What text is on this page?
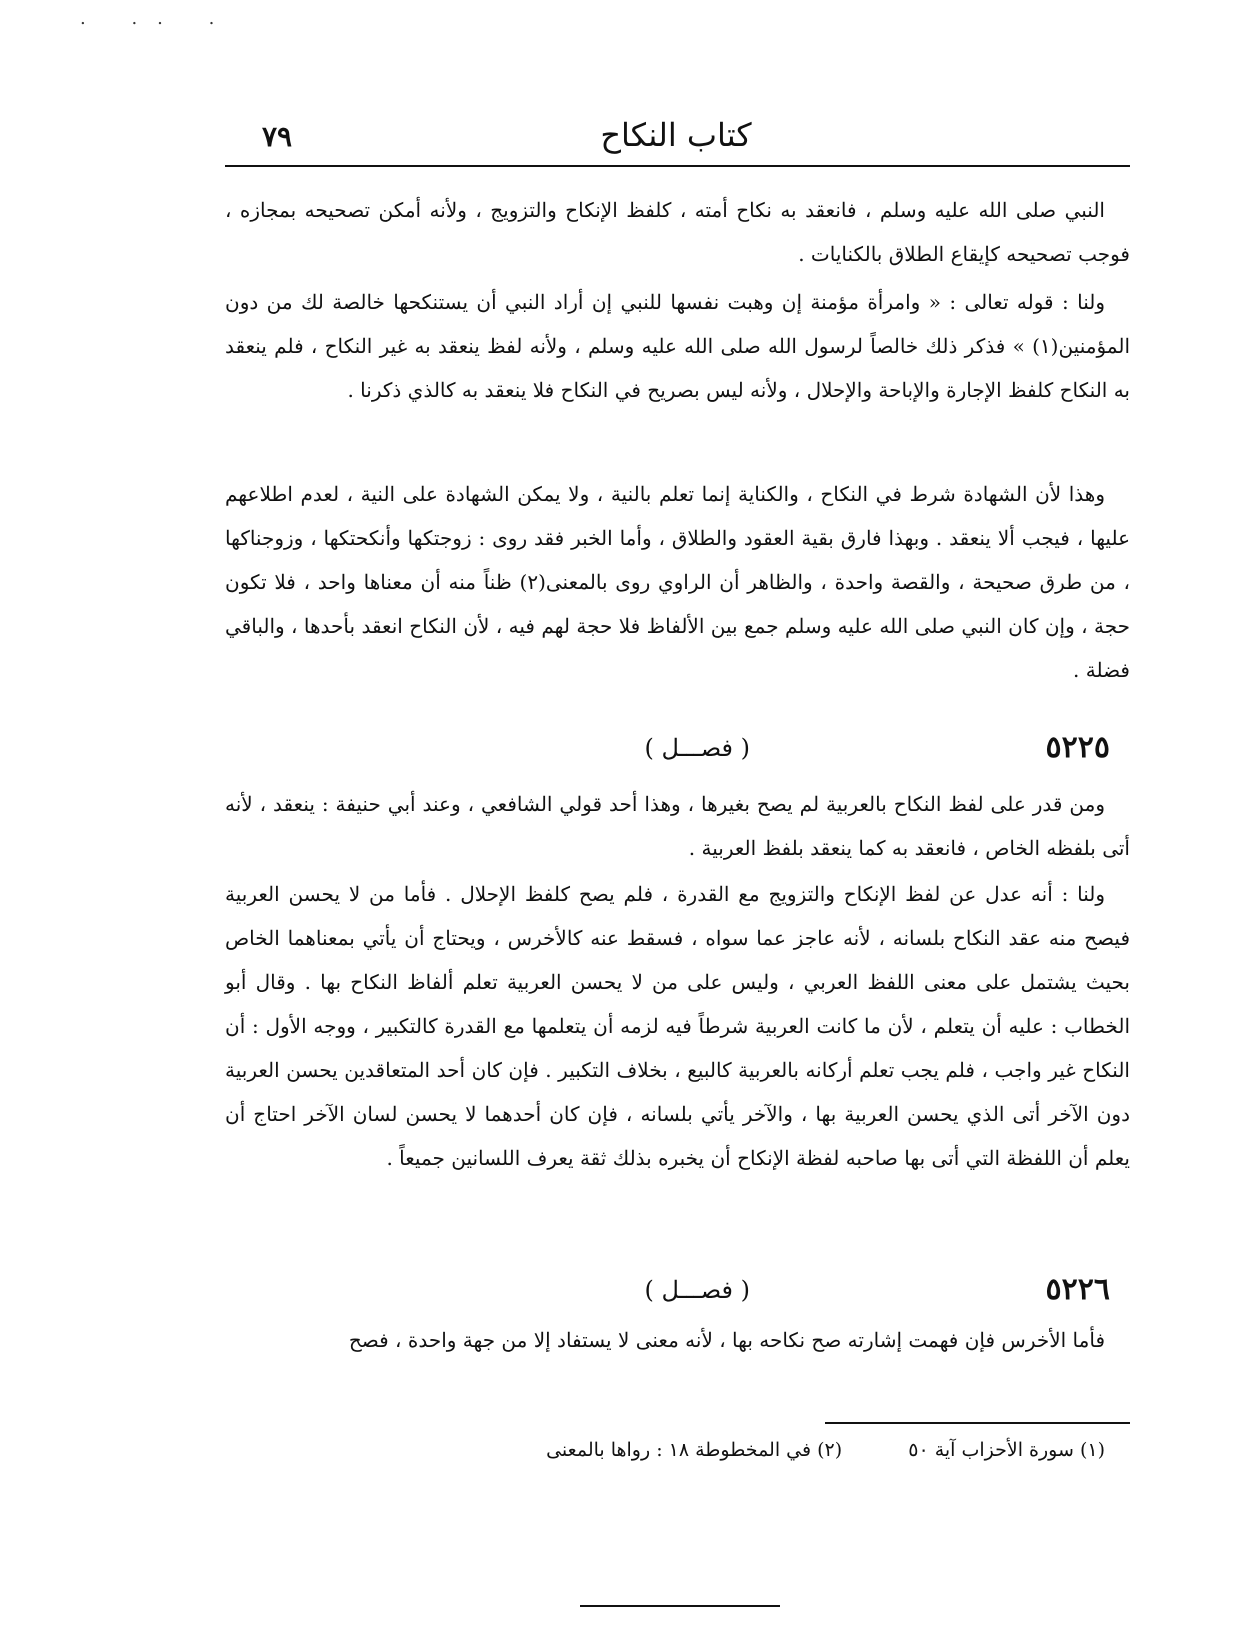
. .. .
٧٩	كتاب النكاح

النبي صلى الله عليه وسلم ، فانعقد به نكاح أمته ، كلفظ الإنكاح والتزويج ، ولأنه أمكن تصحيحه بمجازه ، فوجب تصحيحه كإيقاع الطلاق بالكنايات .

ولنا : قوله تعالى : « وامرأة مؤمنة إن وهبت نفسها للنبي إن أراد النبي أن يستنكحها خالصة لك من دون المؤمنين(١) » فذكر ذلك خالصاً لرسول الله صلى الله عليه وسلم ، ولأنه لفظ ينعقد به غير النكاح ، فلم ينعقد به النكاح كلفظ الإجارة والإباحة والإحلال ، ولأنه ليس بصريح في النكاح فلا ينعقد به كالذي ذكرنا .

وهذا لأن الشهادة شرط في النكاح ، والكناية إنما تعلم بالنية ، ولا يمكن الشهادة على النية ، لعدم اطلاعهم عليها ، فيجب ألا ينعقد . وبهذا فارق بقية العقود والطلاق ، وأما الخبر فقد روى : زوجتكها وأنكحتكها ، وزوجناكها ، من طرق صحيحة ، والقصة واحدة ، والظاهر أن الراوي روى بالمعنى(٢) ظناً منه أن معناها واحد ، فلا تكون حجة ، وإن كان النبي صلى الله عليه وسلم جمع بين الألفاظ فلا حجة لهم فيه ، لأن النكاح انعقد بأحدها ، والباقي فضلة .

٥٢٢٥
( فصـــل )

ومن قدر على لفظ النكاح بالعربية لم يصح بغيرها ، وهذا أحد قولي الشافعي ، وعند أبي حنيفة : ينعقد ، لأنه أتى بلفظه الخاص ، فانعقد به كما ينعقد بلفظ العربية .

ولنا : أنه عدل عن لفظ الإنكاح والتزويج مع القدرة ، فلم يصح كلفظ الإحلال . فأما من لا يحسن العربية فيصح منه عقد النكاح بلسانه ، لأنه عاجز عما سواه ، فسقط عنه كالأخرس ، ويحتاج أن يأتي بمعناهما الخاص بحيث يشتمل على معنى اللفظ العربي ، وليس على من لا يحسن العربية تعلم ألفاظ النكاح بها . وقال أبو الخطاب : عليه أن يتعلم ، لأن ما كانت العربية شرطاً فيه لزمه أن يتعلمها مع القدرة كالتكبير ، ووجه الأول : أن النكاح غير واجب ، فلم يجب تعلم أركانه بالعربية كالبيع ، بخلاف التكبير . فإن كان أحد المتعاقدين يحسن العربية دون الآخر أتى الذي يحسن العربية بها ، والآخر يأتي بلسانه ، فإن كان أحدهما لا يحسن لسان الآخر احتاج أن يعلم أن اللفظة التي أتى بها صاحبه لفظة الإنكاح أن يخبره بذلك ثقة يعرف اللسانين جميعاً .

٥٢٢٦
( فصـــل )

فأما الأخرس فإن فهمت إشارته صح نكاحه بها ، لأنه معنى لا يستفاد إلا من جهة واحدة ، فصح

(١) سورة الأحزاب آية ٥٠ (٢) في المخطوطة ١٨ : رواها بالمعنى
